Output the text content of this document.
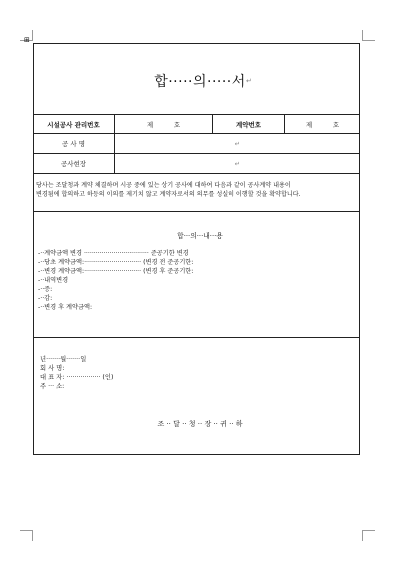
⊞
합·····의·····서 ↵
시설공사 관리번호	제          호	계약번호	제          호
공 사 명	↵
공사현장	↵
당사는 조달청과 계약 체결하며 시공 중에 있는 상기 공사에 대하여 다음과 같이 공사계약 내용이
변경됨에 합의하고 하등의 이의를 제기치 않고 계약자로서의 의무를 성실히 이행할 것을 확약합니다.
합···의···내···용
-··계약금액 변경 ································· 준공기한 변경
-··당초 계약금액:····························· (변경 전 준공기한:
-··변경 계약금액:····························· (변경 후 준공기한:
-··내역변경
-··증:
-··감:
-··변경 후 계약금액:
년·······월·······일
회 사 명:
대 표 자: ················· (인)
주 ··· 소:
조 ·· 달 ·· 청 ·· 장 ·· 귀 ·· 하
